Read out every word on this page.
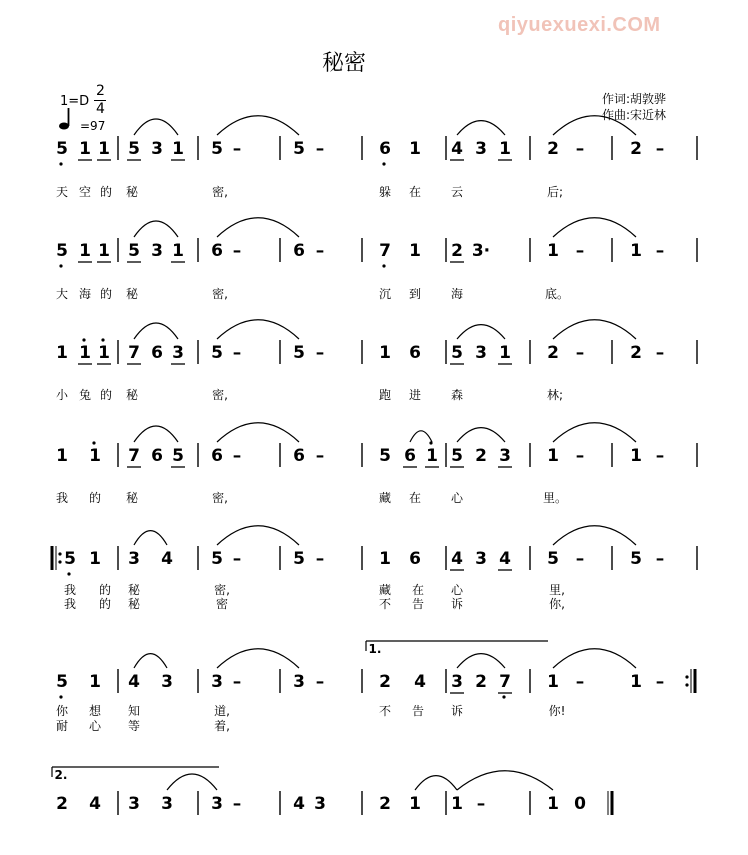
qiyuexuexi.COM
秘密
作词:胡敦骅
作曲:宋近林
1=D
2
4
=97
5 1 1 5 3 1 5 –	5 –	6 1 4 3 1 2 –	2 –
天 空 的 秘	密,	躲 在 云	后;
5 1 1 5 3 1 6 –	6 –	7 1 2 3·	1 –	1 –
大 海 的 秘	密,	沉 到 海	底。
1 1 1 7 6 3 5 –	5 –	1 6 5 3 1 2 –	2 –
小 兔 的 秘	密,	跑 进 森	林;
1 1 7 6 5 6 –	6 –	5 6 1 5 2 3 1 –	1 –
我 的 秘	密,	藏 在 心	里。
5 1 3 4 5 –	5 –	1 6 4 3 4 5 –	5 –
我 的 秘	密,	藏 在 心	里,
我 的 秘	密	不 告 诉	你,
1.
5 1 4 3 3 –	3 –	2 4 3 2 7 1 –	1 –
你 想 知	道,	不 告 诉	你!
耐 心 等	着,
2.
2 4 3 3 3 –	4 3	2 1 1 –	1 0
